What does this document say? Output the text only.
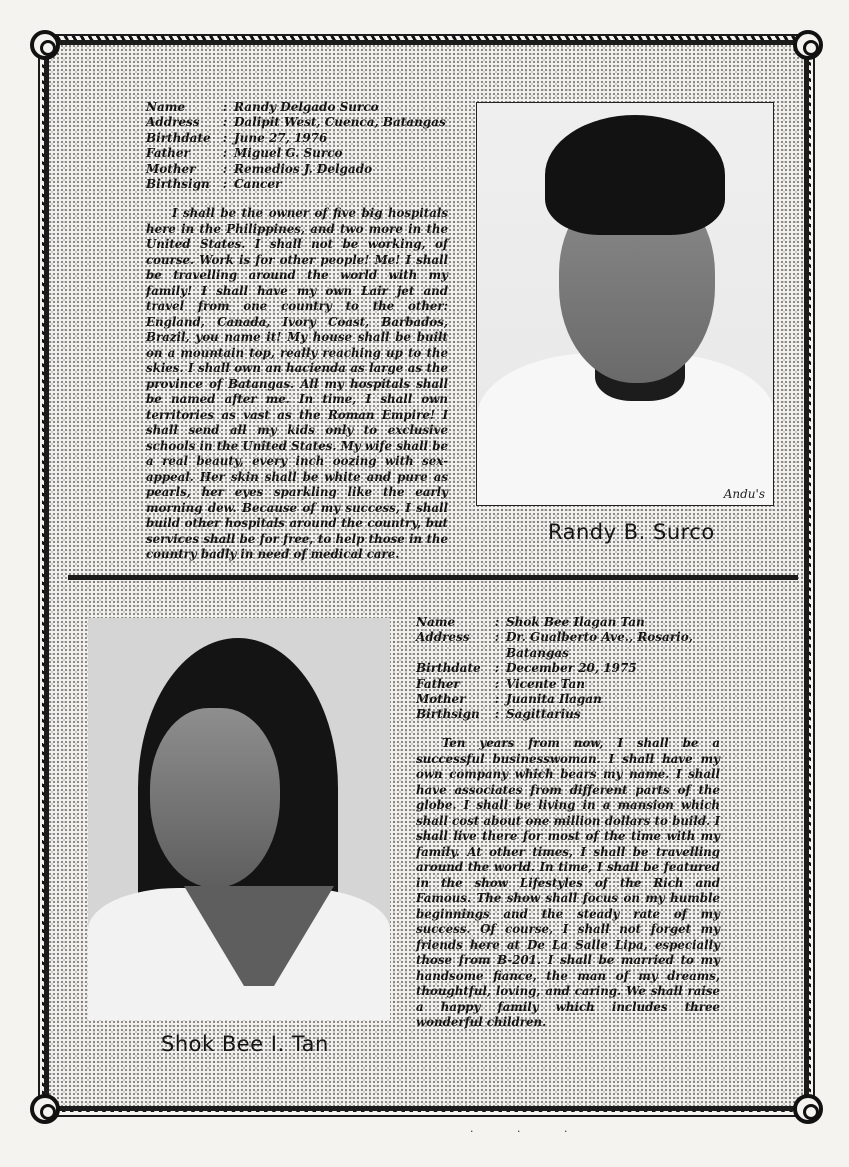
Name	: Randy Delgado Surco
Address	: Dalipit West, Cuenca, Batangas
Birthdate	: June 27, 1976
Father	: Miguel G. Surco
Mother	: Remedios J. Delgado
Birthsign	: Cancer

I shall be the owner of five big hospitals here in the Philippines, and two more in the United States. I shall not be working, of course. Work is for other people! Me! I shall be travelling around the world with my family! I shall have my own Lair jet and travel from one country to the other: England, Canada, Ivory Coast, Barbados, Brazil, you name it! My house shall be built on a mountain top, really reaching up to the skies. I shall own an hacienda as large as the province of Batangas. All my hospitals shall be named after me. In time, I shall own territories as vast as the Roman Empire! I shall send all my kids only to exclusive schools in the United States. My wife shall be a real beauty, every inch oozing with sex-appeal. Her skin shall be white and pure as pearls, her eyes sparkling like the early morning dew. Because of my success, I shall build other hospitals around the country, but services shall be for free, to help those in the country badly in need of medical care.

Andu's
Randy B. Surco
Shok Bee I. Tan
Name	: Shok Bee Ilagan Tan
Address	: Dr. Gualberto Ave., Rosario, Batangas
Birthdate	: December 20, 1975
Father	: Vicente Tan
Mother	: Juanita Ilagan
Birthsign	: Sagittarius

Ten years from now, I shall be a successful businesswoman. I shall have my own company which bears my name. I shall have associates from different parts of the globe. I shall be living in a mansion which shall cost about one million dollars to build. I shall live there for most of the time with my family. At other times, I shall be travelling around the world. In time, I shall be featured in the show Lifestyles of the Rich and Famous. The show shall focus on my humble beginnings and the steady rate of my success. Of course, I shall not forget my friends here at De La Salle Lipa, especially those from B-201. I shall be married to my handsome fiance, the man of my dreams, thoughtful, loving, and caring. We shall raise a happy family which includes three wonderful children.

· · ·
